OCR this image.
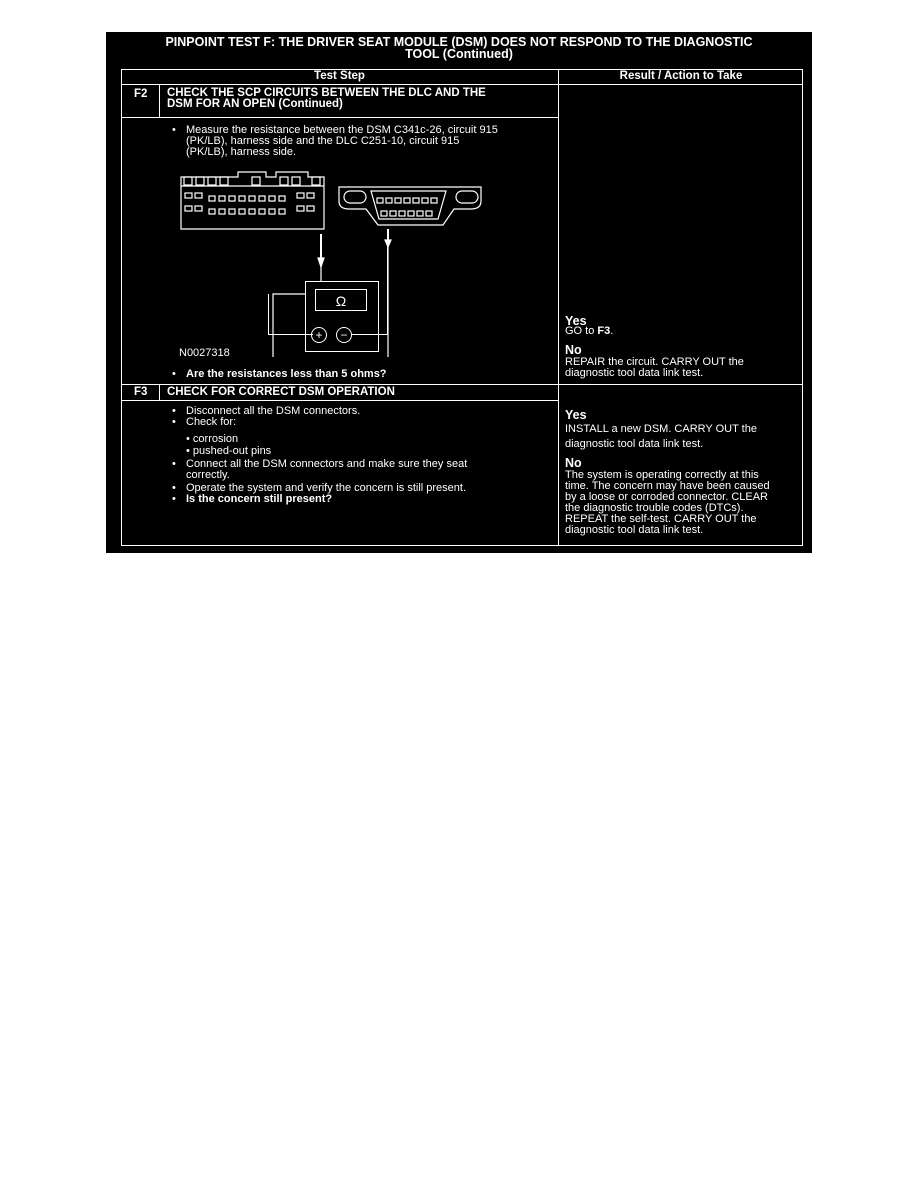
PINPOINT TEST F: THE DRIVER SEAT MODULE (DSM) DOES NOT RESPOND TO THE DIAGNOSTIC
TOOL (Continued)
Test Step	Result / Action to Take
F2 CHECK THE SCP CIRCUITS BETWEEN THE DLC AND THE
DSM FOR AN OPEN (Continued)
• Measure the resistance between the DSM C341c-26, circuit 915
(PK/LB), harness side and the DLC C251-10, circuit 915
(PK/LB), harness side.
Ω
+	−
N0027318
• Are the resistances less than 5 ohms?
Yes
GO to F3.
No
REPAIR the circuit. CARRY OUT the
diagnostic tool data link test.
F3 CHECK FOR CORRECT DSM OPERATION
• Disconnect all the DSM connectors.
• Check for:
• corrosion
• pushed-out pins
• Connect all the DSM connectors and make sure they seat
correctly.
• Operate the system and verify the concern is still present.
• Is the concern still present?
Yes
INSTALL a new DSM. CARRY OUT the
diagnostic tool data link test.
No
The system is operating correctly at this
time. The concern may have been caused
by a loose or corroded connector. CLEAR
the diagnostic trouble codes (DTCs).
REPEAT the self-test. CARRY OUT the
diagnostic tool data link test.
